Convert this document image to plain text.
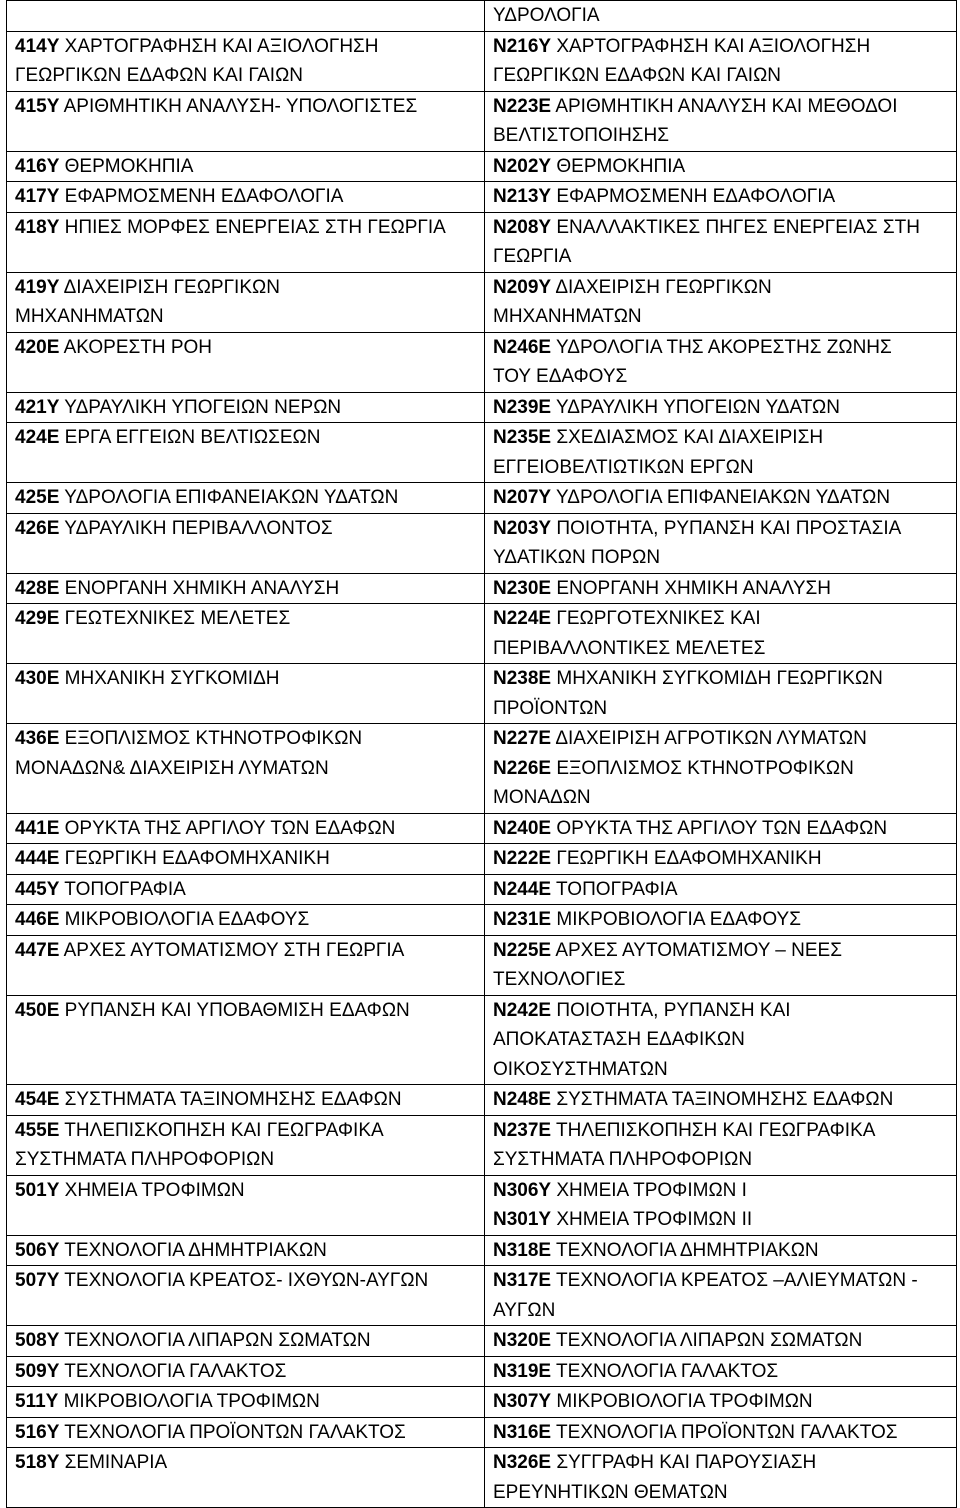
	ΥΔΡΟΛΟΓΙΑ

414Υ ΧΑΡΤΟΓΡΑΦΗΣΗ ΚΑΙ ΑΞΙΟΛΟΓΗΣΗ
ΓΕΩΡΓΙΚΩΝ ΕΔΑΦΩΝ ΚΑΙ ΓΑΙΩΝ	Ν216Υ ΧΑΡΤΟΓΡΑΦΗΣΗ ΚΑΙ ΑΞΙΟΛΟΓΗΣΗ
ΓΕΩΡΓΙΚΩΝ ΕΔΑΦΩΝ ΚΑΙ ΓΑΙΩΝ

415Υ ΑΡΙΘΜΗΤΙΚΗ ΑΝΑΛΥΣΗ- ΥΠΟΛΟΓΙΣΤΕΣ	Ν223Ε ΑΡΙΘΜΗΤΙΚΗ ΑΝΑΛΥΣΗ ΚΑΙ ΜΕΘΟΔΟΙ
ΒΕΛΤΙΣΤΟΠΟΙΗΣΗΣ

416Υ ΘΕΡΜΟΚΗΠΙΑ	Ν202Υ ΘΕΡΜΟΚΗΠΙΑ

417Υ ΕΦΑΡΜΟΣΜΕΝΗ ΕΔΑΦΟΛΟΓΙΑ	Ν213Υ ΕΦΑΡΜΟΣΜΕΝΗ ΕΔΑΦΟΛΟΓΙΑ

418Υ ΗΠΙΕΣ ΜΟΡΦΕΣ ΕΝΕΡΓΕΙΑΣ ΣΤΗ ΓΕΩΡΓΙΑ	Ν208Υ ΕΝΑΛΛΑΚΤΙΚΕΣ ΠΗΓΕΣ ΕΝΕΡΓΕΙΑΣ ΣΤΗ
ΓΕΩΡΓΙΑ

419Υ ΔΙΑΧΕΙΡΙΣΗ ΓΕΩΡΓΙΚΩΝ
ΜΗΧΑΝΗΜΑΤΩΝ	Ν209Υ ΔΙΑΧΕΙΡΙΣΗ ΓΕΩΡΓΙΚΩΝ
ΜΗΧΑΝΗΜΑΤΩΝ

420Ε ΑΚΟΡΕΣΤΗ ΡΟΗ	Ν246Ε ΥΔΡΟΛΟΓΙΑ ΤΗΣ ΑΚΟΡΕΣΤΗΣ ΖΩΝΗΣ
ΤΟΥ ΕΔΑΦΟΥΣ

421Υ ΥΔΡΑΥΛΙΚΗ ΥΠΟΓΕΙΩΝ ΝΕΡΩΝ	Ν239Ε ΥΔΡΑΥΛΙΚΗ ΥΠΟΓΕΙΩΝ ΥΔΑΤΩΝ

424Ε ΕΡΓΑ ΕΓΓΕΙΩΝ ΒΕΛΤΙΩΣΕΩΝ	Ν235Ε ΣΧΕΔΙΑΣΜΟΣ ΚΑΙ ΔΙΑΧΕΙΡΙΣΗ
ΕΓΓΕΙΟΒΕΛΤΙΩΤΙΚΩΝ ΕΡΓΩΝ

425Ε ΥΔΡΟΛΟΓΙΑ ΕΠΙΦΑΝΕΙΑΚΩΝ ΥΔΑΤΩΝ	Ν207Υ ΥΔΡΟΛΟΓΙΑ ΕΠΙΦΑΝΕΙΑΚΩΝ ΥΔΑΤΩΝ

426Ε ΥΔΡΑΥΛΙΚΗ ΠΕΡΙΒΑΛΛΟΝΤΟΣ	Ν203Υ ΠΟΙΟΤΗΤΑ, ΡΥΠΑΝΣΗ ΚΑΙ ΠΡΟΣΤΑΣΙΑ
ΥΔΑΤΙΚΩΝ ΠΟΡΩΝ

428Ε ΕΝΟΡΓΑΝΗ ΧΗΜΙΚΗ ΑΝΑΛΥΣΗ	Ν230Ε ΕΝΟΡΓΑΝΗ ΧΗΜΙΚΗ ΑΝΑΛΥΣΗ

429Ε ΓΕΩΤΕΧΝΙΚΕΣ ΜΕΛΕΤΕΣ	Ν224Ε ΓΕΩΡΓΟΤΕΧΝΙΚΕΣ ΚΑΙ
ΠΕΡΙΒΑΛΛΟΝΤΙΚΕΣ ΜΕΛΕΤΕΣ

430Ε ΜΗΧΑΝΙΚΗ ΣΥΓΚΟΜΙΔΗ	Ν238Ε ΜΗΧΑΝΙΚΗ ΣΥΓΚΟΜΙΔΗ ΓΕΩΡΓΙΚΩΝ
ΠΡΟΪΟΝΤΩΝ

436Ε ΕΞΟΠΛΙΣΜΟΣ ΚΤΗΝΟΤΡΟΦΙΚΩΝ
ΜΟΝΑΔΩΝ& ΔΙΑΧΕΙΡΙΣΗ ΛΥΜΑΤΩΝ	Ν227Ε ΔΙΑΧΕΙΡΙΣΗ ΑΓΡΟΤΙΚΩΝ ΛΥΜΑΤΩΝ
Ν226Ε ΕΞΟΠΛΙΣΜΟΣ ΚΤΗΝΟΤΡΟΦΙΚΩΝ
ΜΟΝΑΔΩΝ

441Ε ΟΡΥΚΤΑ ΤΗΣ ΑΡΓΙΛΟΥ ΤΩΝ ΕΔΑΦΩΝ	Ν240Ε ΟΡΥΚΤΑ ΤΗΣ ΑΡΓΙΛΟΥ ΤΩΝ ΕΔΑΦΩΝ

444Ε ΓΕΩΡΓΙΚΗ ΕΔΑΦΟΜΗΧΑΝΙΚΗ	Ν222Ε ΓΕΩΡΓΙΚΗ ΕΔΑΦΟΜΗΧΑΝΙΚΗ

445Υ ΤΟΠΟΓΡΑΦΙΑ	Ν244Ε ΤΟΠΟΓΡΑΦΙΑ

446Ε ΜΙΚΡΟΒΙΟΛΟΓΙΑ ΕΔΑΦΟΥΣ	Ν231Ε ΜΙΚΡΟΒΙΟΛΟΓΙΑ ΕΔΑΦΟΥΣ

447Ε ΑΡΧΕΣ ΑΥΤΟΜΑΤΙΣΜΟΥ ΣΤΗ ΓΕΩΡΓΙΑ	Ν225Ε ΑΡΧΕΣ ΑΥΤΟΜΑΤΙΣΜΟΥ – ΝΕΕΣ
ΤΕΧΝΟΛΟΓΙΕΣ

450Ε ΡΥΠΑΝΣΗ ΚΑΙ ΥΠΟΒΑΘΜΙΣΗ ΕΔΑΦΩΝ	Ν242Ε ΠΟΙΟΤΗΤΑ, ΡΥΠΑΝΣΗ ΚΑΙ
ΑΠΟΚΑΤΑΣΤΑΣΗ ΕΔΑΦΙΚΩΝ
ΟΙΚΟΣΥΣΤΗΜΑΤΩΝ

454Ε ΣΥΣΤΗΜΑΤΑ ΤΑΞΙΝΟΜΗΣΗΣ ΕΔΑΦΩΝ	Ν248Ε ΣΥΣΤΗΜΑΤΑ ΤΑΞΙΝΟΜΗΣΗΣ ΕΔΑΦΩΝ

455Ε ΤΗΛΕΠΙΣΚΟΠΗΣΗ ΚΑΙ ΓΕΩΓΡΑΦΙΚΑ
ΣΥΣΤΗΜΑΤΑ ΠΛΗΡΟΦΟΡΙΩΝ	Ν237Ε ΤΗΛΕΠΙΣΚΟΠΗΣΗ ΚΑΙ ΓΕΩΓΡΑΦΙΚΑ
ΣΥΣΤΗΜΑΤΑ ΠΛΗΡΟΦΟΡΙΩΝ

501Υ ΧΗΜΕΙΑ ΤΡΟΦΙΜΩΝ	Ν306Υ ΧΗΜΕΙΑ ΤΡΟΦΙΜΩΝ Ι
Ν301Υ ΧΗΜΕΙΑ ΤΡΟΦΙΜΩΝ ΙΙ

506Υ ΤΕΧΝΟΛΟΓΙΑ ΔΗΜΗΤΡΙΑΚΩΝ	Ν318Ε ΤΕΧΝΟΛΟΓΙΑ ΔΗΜΗΤΡΙΑΚΩΝ

507Υ ΤΕΧΝΟΛΟΓΙΑ ΚΡΕΑΤΟΣ- ΙΧΘΥΩΝ-ΑΥΓΩΝ	Ν317Ε ΤΕΧΝΟΛΟΓΙΑ ΚΡΕΑΤΟΣ –ΑΛΙΕΥΜΑΤΩΝ -
ΑΥΓΩΝ

508Υ ΤΕΧΝΟΛΟΓΙΑ ΛΙΠΑΡΩΝ ΣΩΜΑΤΩΝ	Ν320Ε ΤΕΧΝΟΛΟΓΙΑ ΛΙΠΑΡΩΝ ΣΩΜΑΤΩΝ

509Υ ΤΕΧΝΟΛΟΓΙΑ ΓΑΛΑΚΤΟΣ	Ν319Ε ΤΕΧΝΟΛΟΓΙΑ ΓΑΛΑΚΤΟΣ

511Υ ΜΙΚΡΟΒΙΟΛΟΓΙΑ ΤΡΟΦΙΜΩΝ	Ν307Υ ΜΙΚΡΟΒΙΟΛΟΓΙΑ ΤΡΟΦΙΜΩΝ

516Υ ΤΕΧΝΟΛΟΓΙΑ ΠΡΟΪΟΝΤΩΝ ΓΑΛΑΚΤΟΣ	Ν316Ε ΤΕΧΝΟΛΟΓΙΑ ΠΡΟΪΟΝΤΩΝ ΓΑΛΑΚΤΟΣ

518Υ ΣΕΜΙΝΑΡΙΑ	Ν326Ε ΣΥΓΓΡΑΦΗ ΚΑΙ ΠΑΡΟΥΣΙΑΣΗ
ΕΡΕΥΝΗΤΙΚΩΝ ΘΕΜΑΤΩΝ
